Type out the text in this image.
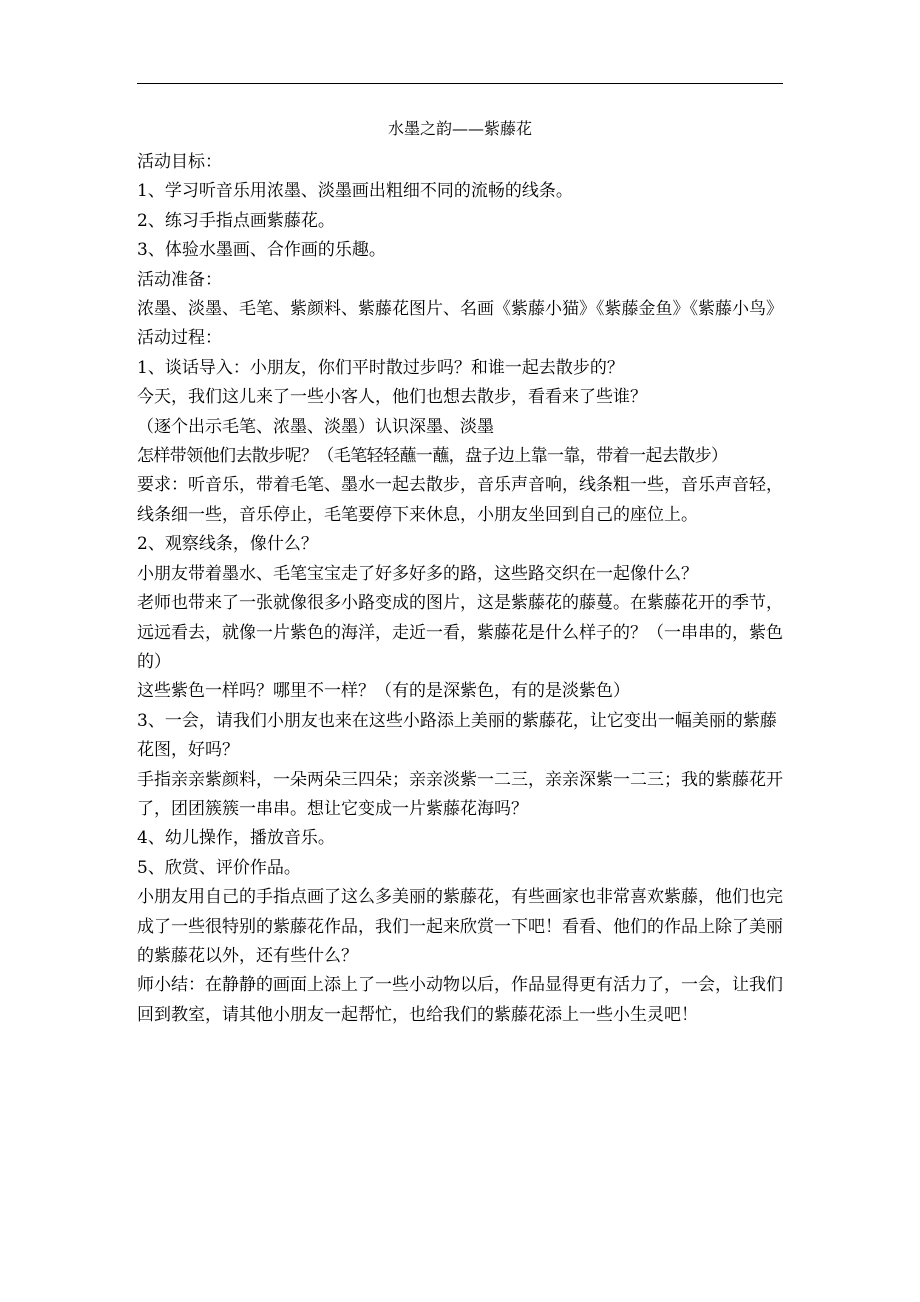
水墨之韵——紫藤花

活动目标：

1、学习听音乐用浓墨、淡墨画出粗细不同的流畅的线条。

2、练习手指点画紫藤花。

3、体验水墨画、合作画的乐趣。

活动准备：

浓墨、淡墨、毛笔、紫颜料、紫藤花图片、名画《紫藤小猫》《紫藤金鱼》《紫藤小鸟》

活动过程：

1、谈话导入：小朋友，你们平时散过步吗？和谁一起去散步的？

今天，我们这儿来了一些小客人，他们也想去散步，看看来了些谁？

（逐个出示毛笔、浓墨、淡墨）认识深墨、淡墨

怎样带领他们去散步呢？（毛笔轻轻蘸一蘸，盘子边上靠一靠，带着一起去散步）

要求：听音乐，带着毛笔、墨水一起去散步，音乐声音响，线条粗一些，音乐声音轻，线条细一些，音乐停止，毛笔要停下来休息，小朋友坐回到自己的座位上。

2、观察线条，像什么？

小朋友带着墨水、毛笔宝宝走了好多好多的路，这些路交织在一起像什么？

老师也带来了一张就像很多小路变成的图片，这是紫藤花的藤蔓。在紫藤花开的季节，远远看去，就像一片紫色的海洋，走近一看，紫藤花是什么样子的？（一串串的，紫色的）

这些紫色一样吗？哪里不一样？（有的是深紫色，有的是淡紫色）

3、一会，请我们小朋友也来在这些小路添上美丽的紫藤花，让它变出一幅美丽的紫藤花图，好吗？

手指亲亲紫颜料，一朵两朵三四朵；亲亲淡紫一二三，亲亲深紫一二三；我的紫藤花开了，团团簇簇一串串。想让它变成一片紫藤花海吗？

4、幼儿操作，播放音乐。

5、欣赏、评价作品。

小朋友用自己的手指点画了这么多美丽的紫藤花，有些画家也非常喜欢紫藤，他们也完成了一些很特别的紫藤花作品，我们一起来欣赏一下吧！看看、他们的作品上除了美丽的紫藤花以外，还有些什么？

师小结：在静静的画面上添上了一些小动物以后，作品显得更有活力了，一会，让我们回到教室，请其他小朋友一起帮忙，也给我们的紫藤花添上一些小生灵吧！
